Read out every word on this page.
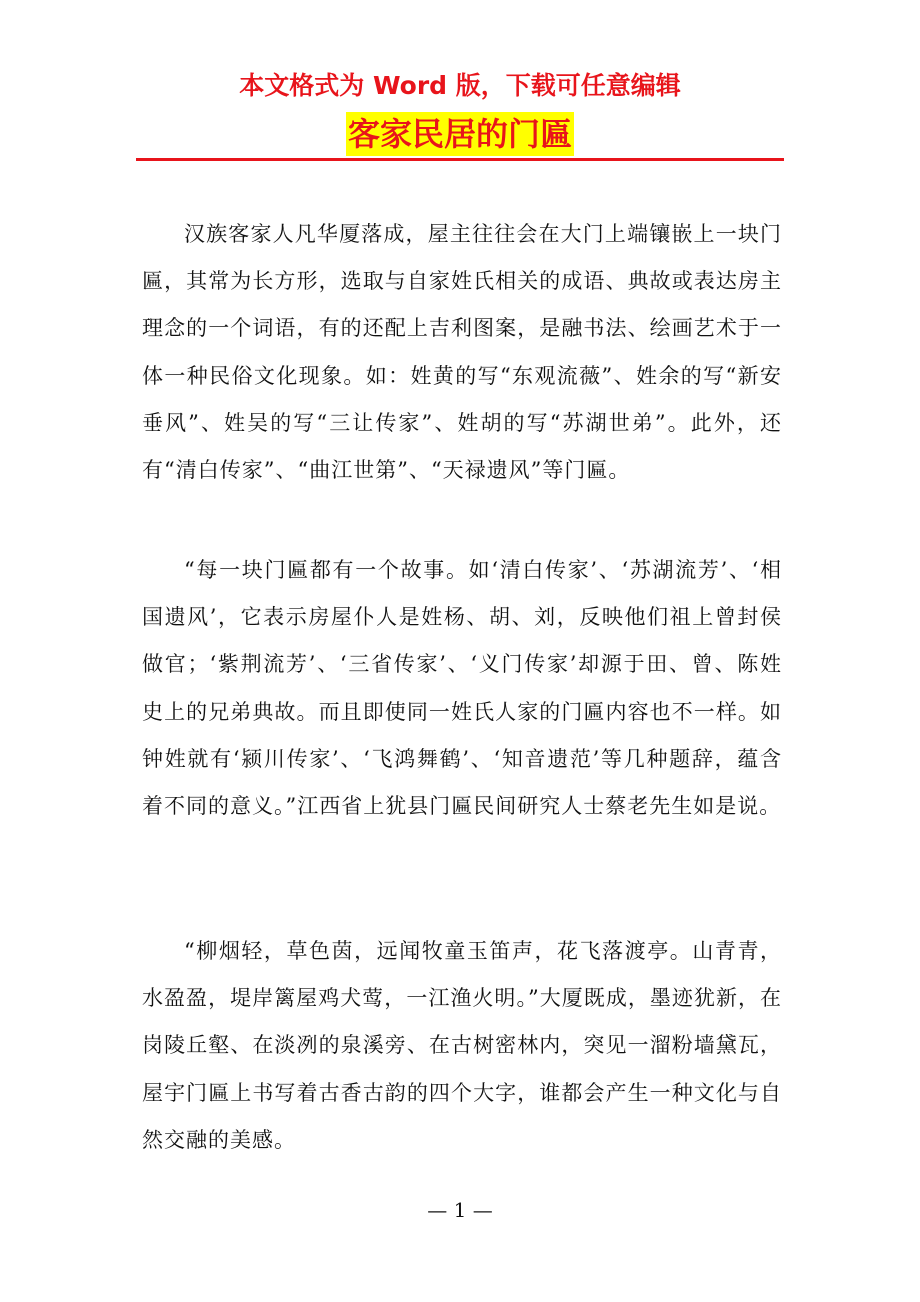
本文格式为 Word 版，下载可任意编辑
客家民居的门匾

汉族客家人凡华厦落成，屋主往往会在大门上端镶嵌上一块门匾，其常为长方形，选取与自家姓氏相关的成语、典故或表达房主理念的一个词语，有的还配上吉利图案，是融书法、绘画艺术于一体一种民俗文化现象。如：姓黄的写“东观流薇”、姓余的写“新安垂风”、姓吴的写“三让传家”、姓胡的写“苏湖世弟”。此外，还有“清白传家”、“曲江世第”、“天禄遗风”等门匾。

“每一块门匾都有一个故事。如‘清白传家’、‘苏湖流芳’、‘相国遗风’，它表示房屋仆人是姓杨、胡、刘，反映他们祖上曾封侯做官；‘紫荆流芳’、‘三省传家’、‘义门传家’却源于田、曾、陈姓史上的兄弟典故。而且即使同一姓氏人家的门匾内容也不一样。如钟姓就有‘颍川传家’、‘飞鸿舞鹤’、‘知音遗范’等几种题辞，蕴含着不同的意义。”江西省上犹县门匾民间研究人士蔡老先生如是说。

“柳烟轻，草色茵，远闻牧童玉笛声，花飞落渡亭。山青青，水盈盈，堤岸篱屋鸡犬莺，一江渔火明。”大厦既成，墨迹犹新，在岗陵丘壑、在淡冽的泉溪旁、在古树密林内，突见一溜粉墙黛瓦，屋宇门匾上书写着古香古韵的四个大字，谁都会产生一种文化与自然交融的美感。

— 1 —
